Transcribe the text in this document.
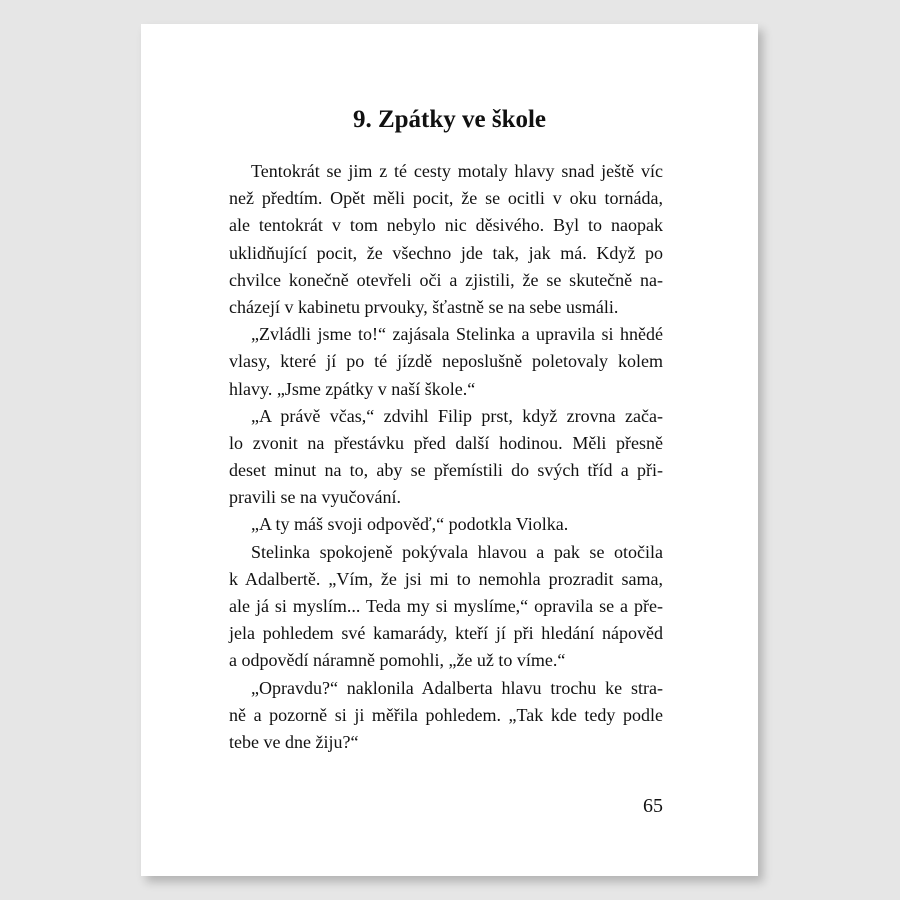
9. Zpátky ve škole

Tentokrát se jim z té cesty motaly hlavy snad ještě víc
než předtím. Opět měli pocit, že se ocitli v oku tornáda,
ale tentokrát v tom nebylo nic děsivého. Byl to naopak
uklidňující pocit, že všechno jde tak, jak má. Když po
chvilce konečně otevřeli oči a zjistili, že se skutečně na-
cházejí v kabinetu prvouky, šťastně se na sebe usmáli.

„Zvládli jsme to!“ zajásala Stelinka a upravila si hnědé
vlasy, které jí po té jízdě neposlušně poletovaly kolem
hlavy. „Jsme zpátky v naší škole.“

„A právě včas,“ zdvihl Filip prst, když zrovna zača-
lo zvonit na přestávku před další hodinou. Měli přesně
deset minut na to, aby se přemístili do svých tříd a při-
pravili se na vyučování.

„A ty máš svoji odpověď,“ podotkla Violka.

Stelinka spokojeně pokývala hlavou a pak se otočila
k Adalbertě. „Vím, že jsi mi to nemohla prozradit sama,
ale já si myslím... Teda my si myslíme,“ opravila se a pře-
jela pohledem své kamarády, kteří jí při hledání nápověd
a odpovědí náramně pomohli, „že už to víme.“

„Opravdu?“ naklonila Adalberta hlavu trochu ke stra-
ně a pozorně si ji měřila pohledem. „Tak kde tedy podle
tebe ve dne žiju?“

65
